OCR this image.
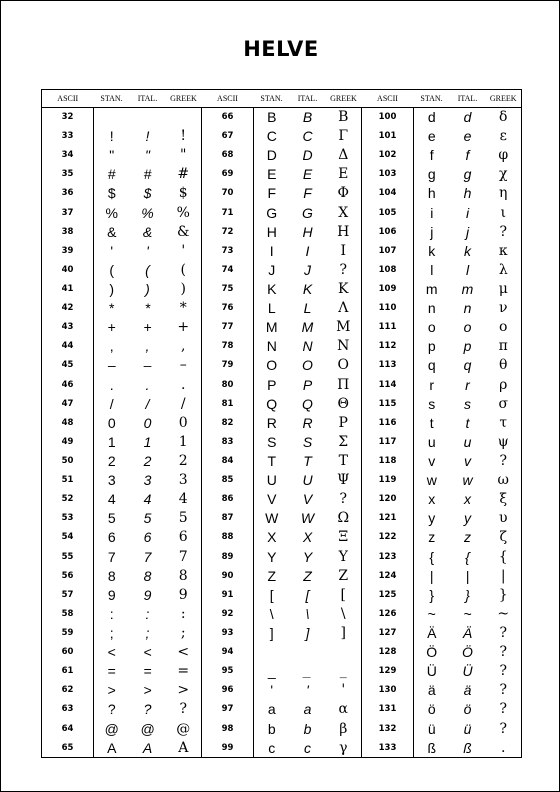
HELVE
ASCII	STAN.	ITAL.	GREEK	ASCII	STAN.	ITAL.	GREEK	ASCII	STAN.	ITAL.	GREEK
32				66	B	B	B	100	d	d	δ
33	!	!	!	67	C	C	Γ	101	e	e	ε
34	"	"	"	68	D	D	Δ	102	f	f	φ
35	#	#	#	69	E	E	E	103	g	g	χ
36	$	$	$	70	F	F	Φ	104	h	h	η
37	%	%	%	71	G	G	X	105	i	i	ι
38	&	&	&	72	H	H	H	106	j	j	?
39	'	'	'	73	I	I	I	107	k	k	κ
40	(	(	(	74	J	J	?	108	l	l	λ
41	)	)	)	75	K	K	K	109	m	m	μ
42	*	*	*	76	L	L	Λ	110	n	n	ν
43	+	+	+	77	M	M	M	111	o	o	o
44	,	,	,	78	N	N	N	112	p	p	π
45	–	–	–	79	O	O	O	113	q	q	θ
46	.	.	.	80	P	P	Π	114	r	r	ρ
47	/	/	/	81	Q	Q	Θ	115	s	s	σ
48	0	0	0	82	R	R	P	116	t	t	τ
49	1	1	1	83	S	S	Σ	117	u	u	ψ
50	2	2	2	84	T	T	T	118	v	v	?
51	3	3	3	85	U	U	Ψ	119	w	w	ω
52	4	4	4	86	V	V	?	120	x	x	ξ
53	5	5	5	87	W	W	Ω	121	y	y	υ
54	6	6	6	88	X	X	Ξ	122	z	z	ζ
55	7	7	7	89	Y	Y	Y	123	{	{	{
56	8	8	8	90	Z	Z	Z	124	|	|	|
57	9	9	9	91	[	[	[	125	}	}	}
58	:	:	:	92	\	\	\	126	~	~	~
59	;	;	;	93	]	]	]	127	Ä	Ä	?
60	<	<	<	94				128	Ö	Ö	?
61	=	=	=	95	_	_	_	129	Ü	Ü	?
62	>	>	>	96	'	'	'	130	ä	ä	?
63	?	?	?	97	a	a	α	131	ö	ö	?
64	@	@	@	98	b	b	β	132	ü	ü	?
65	A	A	A	99	c	c	γ	133	ß	ß	.
